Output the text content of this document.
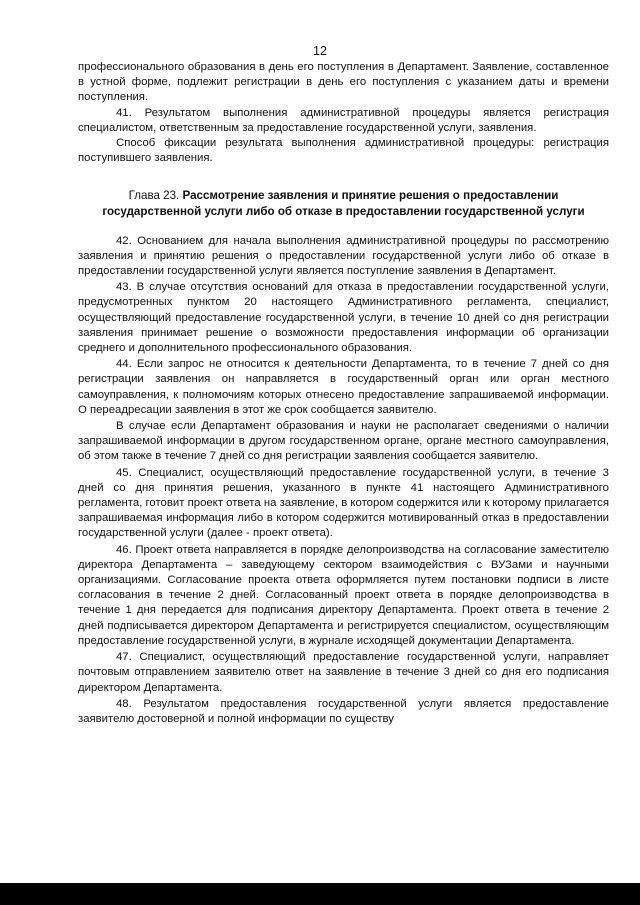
12

профессионального образования в день его поступления в Департамент. Заявление, составленное в устной форме, подлежит регистрации в день его поступления с указанием даты и времени поступления.

41. Результатом выполнения административной процедуры является регистрация специалистом, ответственным за предоставление государственной услуги, заявления.

Способ фиксации результата выполнения административной процедуры: регистрация поступившего заявления.

Глава 23. Рассмотрение заявления и принятие решения о предоставлении государственной услуги либо об отказе в предоставлении государственной услуги

42. Основанием для начала выполнения административной процедуры по рассмотрению заявления и принятию решения о предоставлении государственной услуги либо об отказе в предоставлении государственной услуги является поступление заявления в Департамент.

43. В случае отсутствия оснований для отказа в предоставлении государственной услуги, предусмотренных пунктом 20 настоящего Административного регламента, специалист, осуществляющий предоставление государственной услуги, в течение 10 дней со дня регистрации заявления принимает решение о возможности предоставления информации об организации среднего и дополнительного профессионального образования.

44. Если запрос не относится к деятельности Департамента, то в течение 7 дней со дня регистрации заявления он направляется в государственный орган или орган местного самоуправления, к полномочиям которых отнесено предоставление запрашиваемой информации. О переадресации заявления в этот же срок сообщается заявителю.

В случае если Департамент образования и науки не располагает сведениями о наличии запрашиваемой информации в другом государственном органе, органе местного самоуправления, об этом также в течение 7 дней со дня регистрации заявления сообщается заявителю.

45. Специалист, осуществляющий предоставление государственной услуги, в течение 3 дней со дня принятия решения, указанного в пункте 41 настоящего Административного регламента, готовит проект ответа на заявление, в котором содержится или к которому прилагается запрашиваемая информация либо в котором содержится мотивированный отказ в предоставлении государственной услуги (далее - проект ответа).

46. Проект ответа направляется в порядке делопроизводства на согласование заместителю директора Департамента – заведующему сектором взаимодействия с ВУЗами и научными организациями. Согласование проекта ответа оформляется путем постановки подписи в листе согласования в течение 2 дней. Согласованный проект ответа в порядке делопроизводства в течение 1 дня передается для подписания директору Департамента. Проект ответа в течение 2 дней подписывается директором Департамента и регистрируется специалистом, осуществляющим предоставление государственной услуги, в журнале исходящей документации Департамента.

47. Специалист, осуществляющий предоставление государственной услуги, направляет почтовым отправлением заявителю ответ на заявление в течение 3 дней со дня его подписания директором Департамента.

48. Результатом предоставления государственной услуги является предоставление заявителю достоверной и полной информации по существу
